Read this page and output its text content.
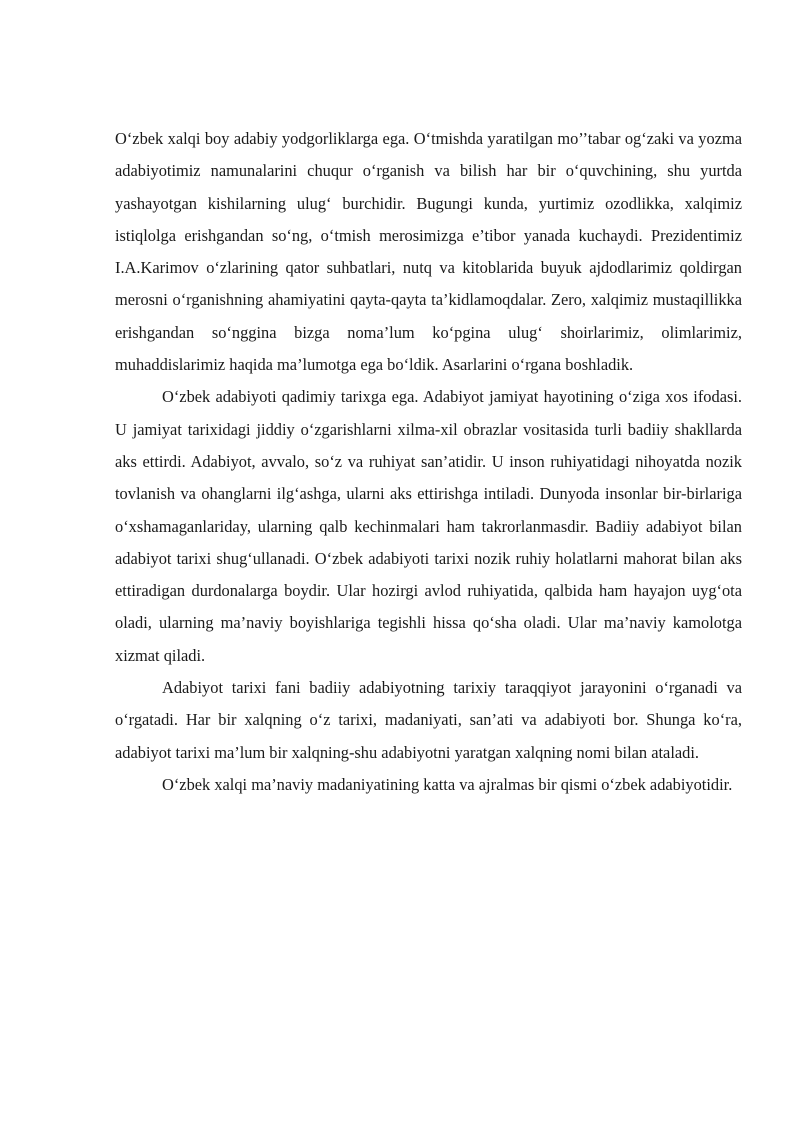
O‘zbek xalqi boy adabiy yodgorliklarga ega. O‘tmishda yaratilgan mo’’tabar og‘zaki va yozma adabiyotimiz namunalarini chuqur o‘rganish va bilish har bir o‘quvchining, shu yurtda yashayotgan kishilarning ulug‘ burchidir. Bugungi kunda, yurtimiz ozodlikka, xalqimiz istiqlolga erishgandan so‘ng, o‘tmish merosimizga e’tibor yanada kuchaydi. Prezidentimiz I.A.Karimov o‘zlarining qator suhbatlari, nutq va kitoblarida buyuk ajdodlarimiz qoldirgan merosni o‘rganishning ahamiyatini qayta-qayta ta’kidlamoqdalar. Zero, xalqimiz mustaqillikka erishgandan so‘nggina bizga noma’lum ko‘pgina ulug‘ shoirlarimiz, olimlarimiz, muhaddislarimiz haqida ma’lumotga ega bo‘ldik. Asarlarini o‘rgana boshladik.

O‘zbek adabiyoti qadimiy tarixga ega. Adabiyot jamiyat hayotining o‘ziga xos ifodasi. U jamiyat tarixidagi jiddiy o‘zgarishlarni xilma-xil obrazlar vositasida turli badiiy shakllarda aks ettirdi. Adabiyot, avvalo, so‘z va ruhiyat san’atidir. U inson ruhiyatidagi nihoyatda nozik tovlanish va ohanglarni ilg‘ashga, ularni aks ettirishga intiladi. Dunyoda insonlar bir-birlariga o‘xshamaganlariday, ularning qalb kechinmalari ham takrorlanmasdir. Badiiy adabiyot bilan adabiyot tarixi shug‘ullanadi. O‘zbek adabiyoti tarixi nozik ruhiy holatlarni mahorat bilan aks ettiradigan durdonalarga boydir. Ular hozirgi avlod ruhiyatida, qalbida ham hayajon uyg‘ota oladi, ularning ma’naviy boyishlariga tegishli hissa qo‘sha oladi. Ular ma’naviy kamolotga xizmat qiladi.

Adabiyot tarixi fani badiiy adabiyotning tarixiy taraqqiyot jarayonini o‘rganadi va o‘rgatadi. Har bir xalqning o‘z tarixi, madaniyati, san’ati va adabiyoti bor. Shunga ko‘ra, adabiyot tarixi ma’lum bir xalqning-shu adabiyotni yaratgan xalqning nomi bilan ataladi.

O‘zbek xalqi ma’naviy madaniyatining katta va ajralmas bir qismi o‘zbek adabiyotidir.
